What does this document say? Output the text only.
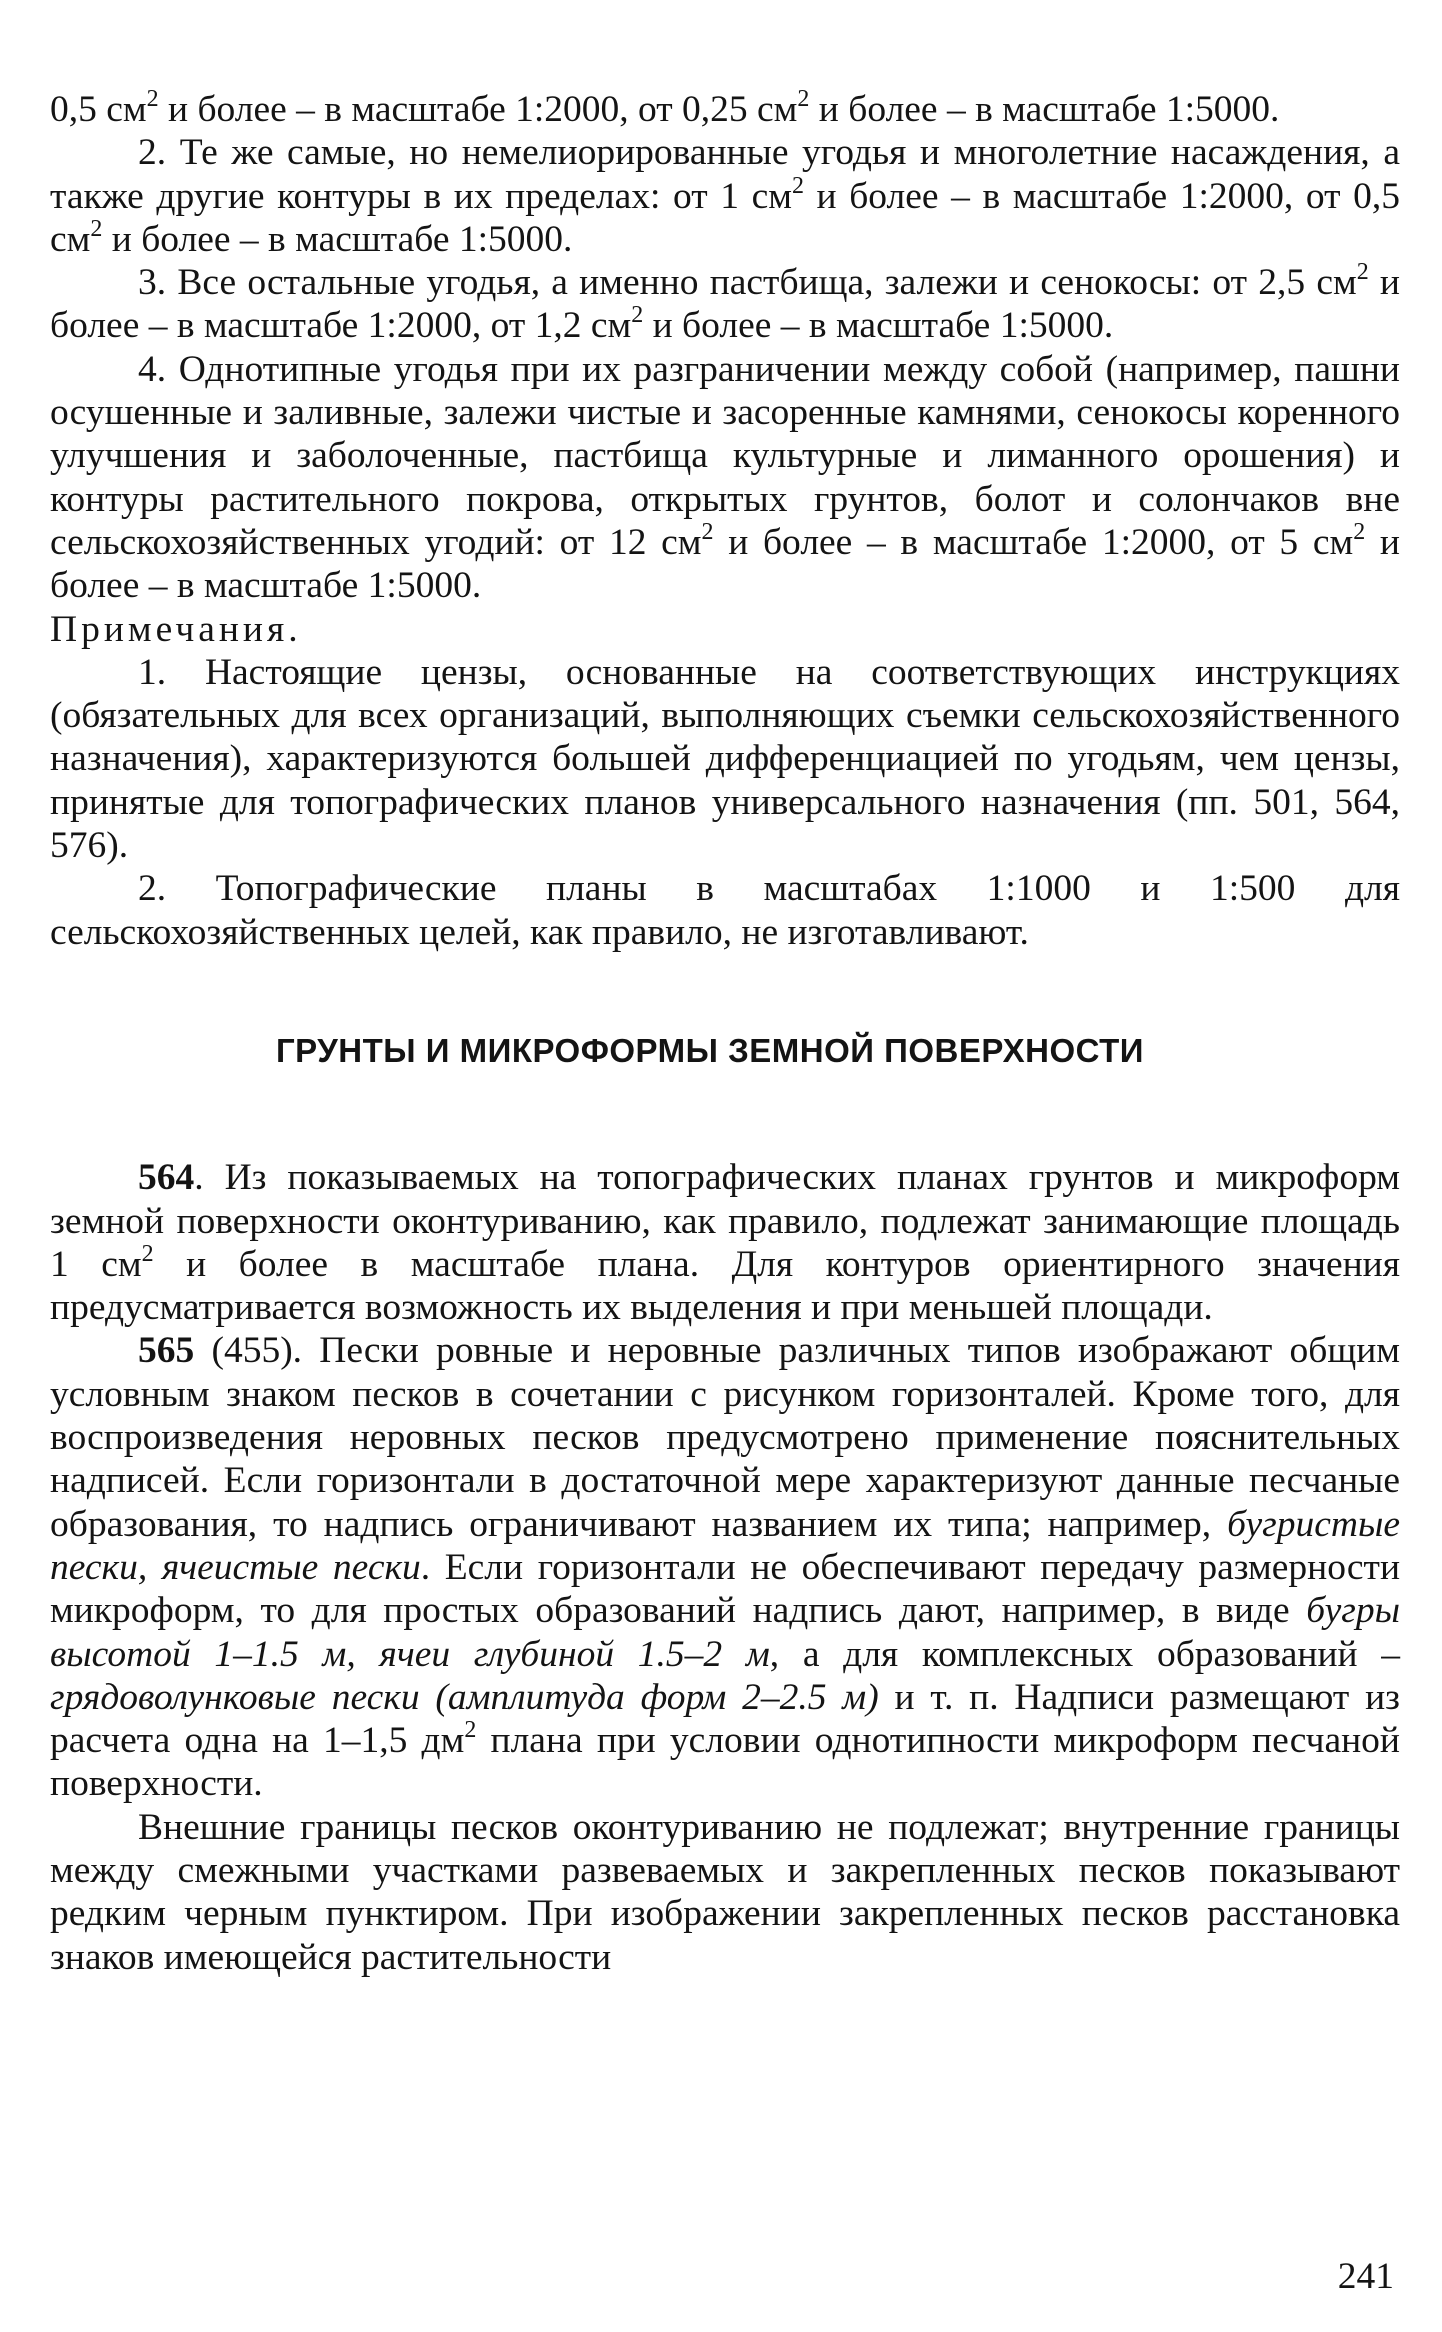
0,5 $см^2$ и более – в масштабе 1:2000, от 0,25 $см^2$ и более – в масштабе 1:5000.

2. Те же самые, но немелиорированные угодья и многолетние насаждения, а также другие контуры в их пределах: от 1 $см^2$ и более – в масштабе 1:2000, от 0,5 $см^2$ и более – в масштабе 1:5000.

3. Все остальные угодья, а именно пастбища, залежи и сенокосы: от 2,5 $см^2$ и более – в масштабе 1:2000, от 1,2 $см^2$ и более – в масштабе 1:5000.

4. Однотипные угодья при их разграничении между собой (например, пашни осушенные и заливные, залежи чистые и засоренные камнями, сенокосы коренного улучшения и заболоченные, пастбища культурные и лиманного орошения) и контуры растительного покрова, открытых грунтов, болот и солончаков вне сельскохозяйственных угодий: от 12 $см^2$ и более – в масштабе 1:2000, от 5 $см^2$ и более – в масштабе 1:5000.

Примечания.

1. Настоящие цензы, основанные на соответствующих инструкциях (обязательных для всех организаций, выполняющих съемки сельскохозяйственного назначения), характеризуются большей дифференциацией по угодьям, чем цензы, принятые для топографических планов универсального назначения (пп. 501, 564, 576).

2. Топографические планы в масштабах 1:1000 и 1:500 для сельскохозяйственных целей, как правило, не изготавливают.

ГРУНТЫ И МИКРОФОРМЫ ЗЕМНОЙ ПОВЕРХНОСТИ

564. Из показываемых на топографических планах грунтов и микроформ земной поверхности оконтуриванию, как правило, подлежат занимающие площадь 1 $см^2$ и более в масштабе плана. Для контуров ориентирного значения предусматривается возможность их выделения и при меньшей площади.

565 (455). Пески ровные и неровные различных типов изображают общим условным знаком песков в сочетании с рисунком горизонталей. Кроме того, для воспроизведения неровных песков предусмотрено применение пояснительных надписей. Если горизонтали в достаточной мере характеризуют данные песчаные образования, то надпись ограничивают названием их типа; например, бугристые пески, ячеистые пески. Если горизонтали не обеспечивают передачу размерности микроформ, то для простых образований надпись дают, например, в виде бугры высотой 1–1.5 м, ячеи глубиной 1.5–2 м, а для комплексных образований – грядоволунковые пески (амплитуда форм 2–2.5 м) и т. п. Надписи размещают из расчета одна на 1–1,5 $дм^2$ плана при условии однотипности микроформ песчаной поверхности.

Внешние границы песков оконтуриванию не подлежат; внутренние границы между смежными участками развеваемых и закрепленных песков показывают редким черным пунктиром. При изображении закрепленных песков расстановка знаков имеющейся растительности

241
